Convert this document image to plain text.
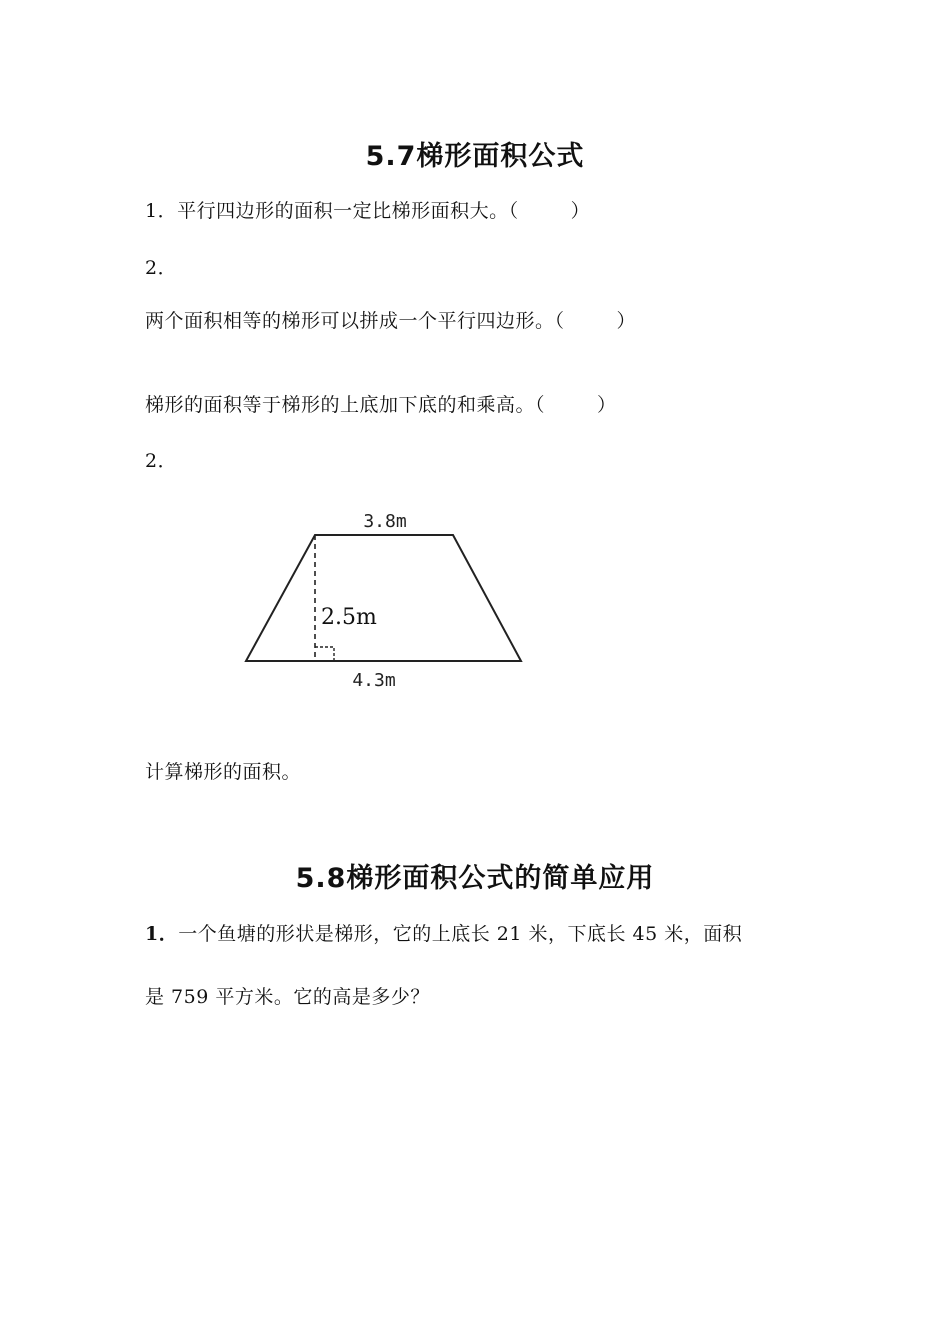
5.7梯形面积公式
1．平行四边形的面积一定比梯形面积大。（	）
2．
两个面积相等的梯形可以拼成一个平行四边形。（	）
梯形的面积等于梯形的上底加下底的和乘高。（	）
2．
3.8m
2.5m
4.3m
计算梯形的面积。
5.8梯形面积公式的简单应用
1．一个鱼塘的形状是梯形，它的上底长 21 米，下底长 45 米，面积
是 759 平方米。它的高是多少？
